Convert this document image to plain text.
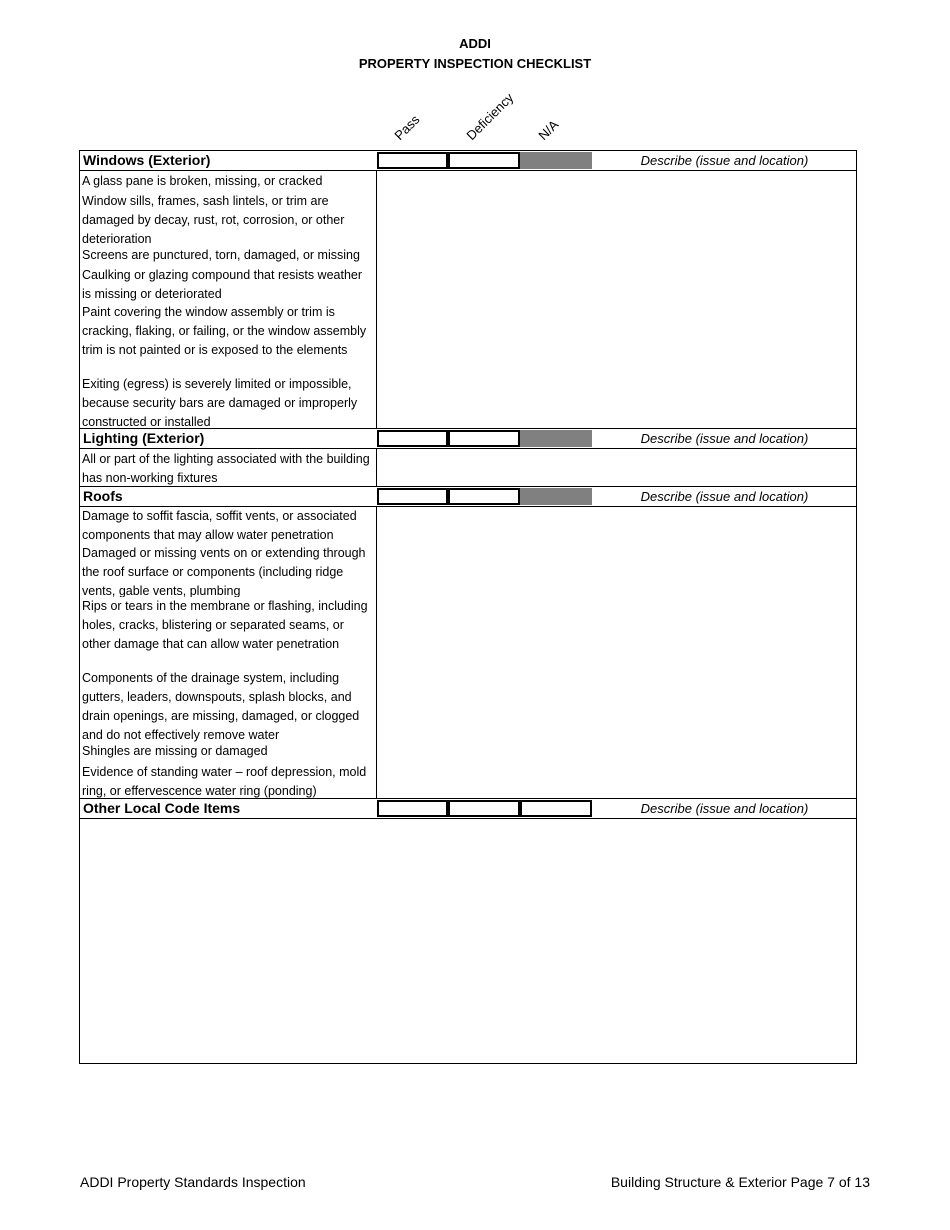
ADDI
PROPERTY INSPECTION CHECKLIST
Pass	Deficiency N/A
Windows (Exterior)	Describe (issue and location)
A glass pane is broken, missing, or cracked
Window sills, frames, sash lintels, or trim are damaged by decay, rust, rot, corrosion, or other deterioration
Screens are punctured, torn, damaged, or missing
Caulking or glazing compound that resists weather is missing or deteriorated
Paint covering the window assembly or trim is cracking, flaking, or failing, or the window assembly trim is not painted or is exposed to the elements
Exiting (egress) is severely limited or impossible, because security bars are damaged or improperly constructed or installed
Lighting (Exterior)	Describe (issue and location)
All or part of the lighting associated with the building has non-working fixtures
Roofs	Describe (issue and location)
Damage to soffit fascia, soffit vents, or associated components that may allow water penetration
Damaged or missing vents on or extending through the roof surface or components (including ridge vents, gable vents, plumbing
Rips or tears in the membrane or flashing, including holes, cracks, blistering or separated seams, or other damage that can allow water penetration
Components of the drainage system, including gutters, leaders, downspouts, splash blocks, and drain openings, are missing, damaged, or clogged and do not effectively remove water
Shingles are missing or damaged
Evidence of standing water – roof depression, mold ring, or effervescence water ring (ponding)
Other Local Code Items	Describe (issue and location)
ADDI Property Standards Inspection	Building Structure & Exterior Page 7 of 13
